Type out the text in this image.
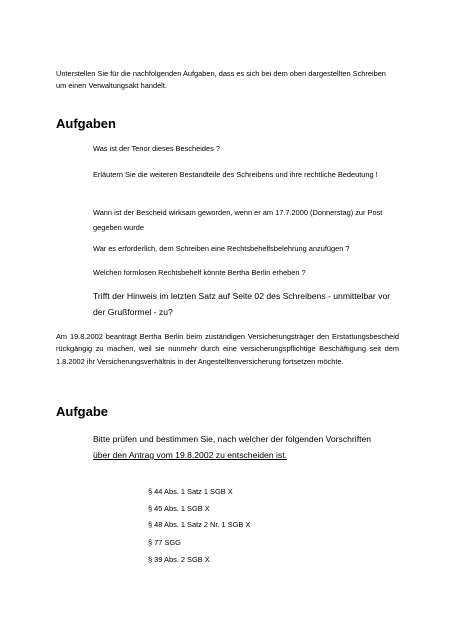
Unterstellen Sie für die nachfolgenden Aufgaben, dass es sich bei dem oben dargestellten Schreiben um einen Verwaltungsakt handelt.

Aufgaben

Was ist der Tenor dieses Bescheides ?

Erläutern Sie die weiteren Bestandteile des Schreibens und ihre rechtliche Bedeutung !

Wann ist der Bescheid wirksam geworden, wenn er am 17.7.2000 (Donnerstag) zur Post gegeben wurde

War es erforderlich, dem Schreiben eine Rechtsbehelfsbelehrung anzufügen ?

Welchen formlosen Rechtsbehelf könnte Bertha Berlin erheben ?

Trifft der Hinweis im letzten Satz auf Seite 02 des Schreibens - unmittelbar vor der Grußformel - zu?

Am 19.8.2002 beantragt Bertha Berlin beim zuständigen Versicherungsträger den Erstattungsbescheid rückgängig zu machen, weil sie nunmehr durch eine versicherungspflichtige Beschäftigung seit dem 1.8.2002 ihr Versicherungsverhältnis in der Angestelltenversicherung fortsetzen möchte.

Aufgabe

Bitte prüfen und bestimmen Sie, nach welcher der folgenden Vorschriften
über den Antrag vom 19.8.2002 zu entscheiden ist.

§ 44 Abs. 1 Satz 1 SGB X

§ 45 Abs. 1 SGB X

§ 48 Abs. 1 Satz 2 Nr. 1 SGB X

§ 77 SGG

§ 39 Abs. 2 SGB X
